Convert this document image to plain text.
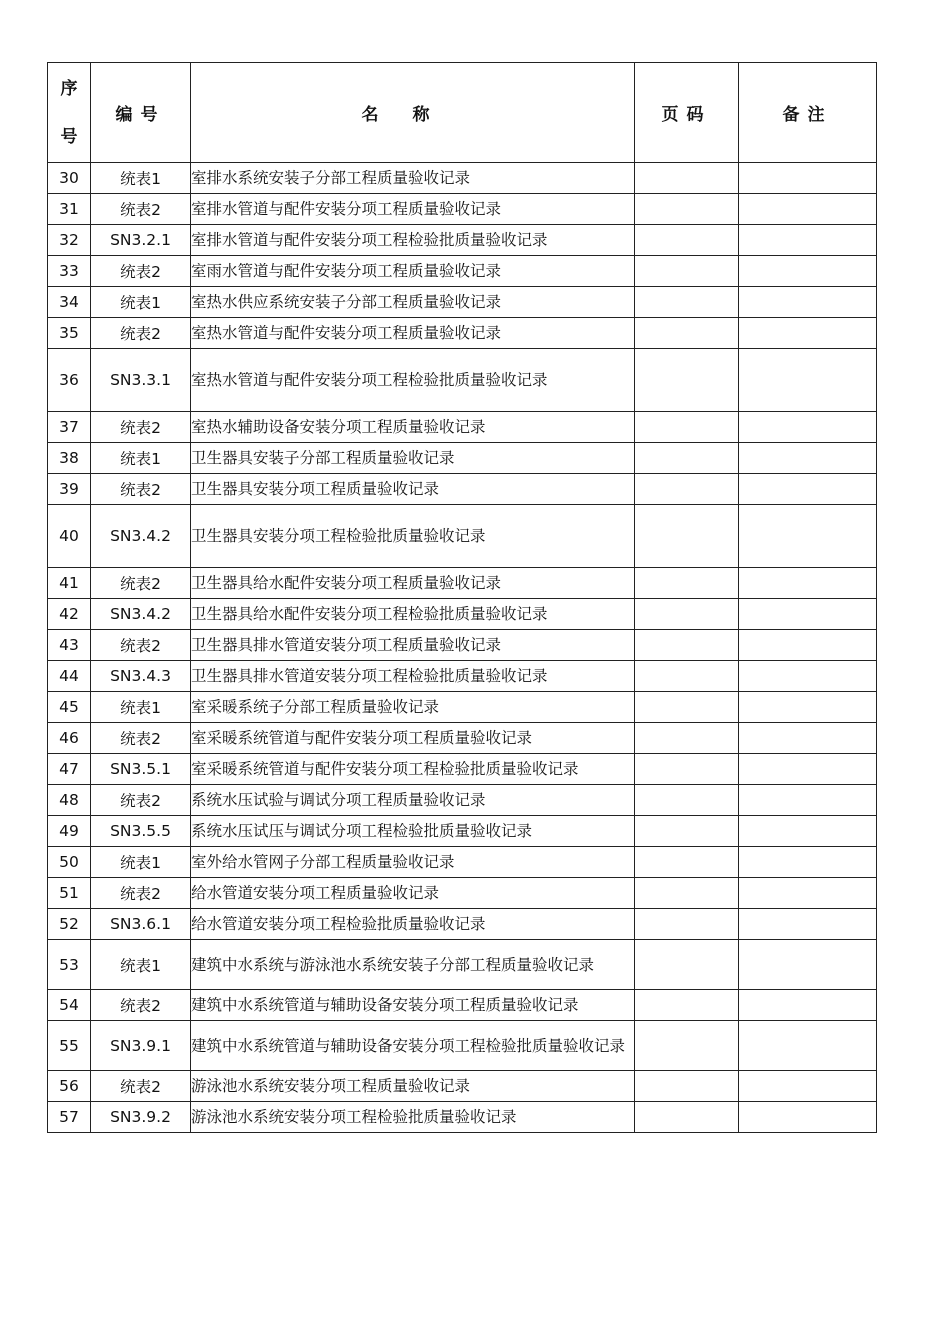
序
号	编号	名称	页码	备注
30	统表1	室排水系统安装子分部工程质量验收记录		
31	统表2	室排水管道与配件安装分项工程质量验收记录		
32	SN3.2.1	室排水管道与配件安装分项工程检验批质量验收记录		
33	统表2	室雨水管道与配件安装分项工程质量验收记录		
34	统表1	室热水供应系统安装子分部工程质量验收记录		
35	统表2	室热水管道与配件安装分项工程质量验收记录		
36	SN3.3.1	室热水管道与配件安装分项工程检验批质量验收记录		
37	统表2	室热水辅助设备安装分项工程质量验收记录		
38	统表1	卫生器具安装子分部工程质量验收记录		
39	统表2	卫生器具安装分项工程质量验收记录		
40	SN3.4.2	卫生器具安装分项工程检验批质量验收记录		
41	统表2	卫生器具给水配件安装分项工程质量验收记录		
42	SN3.4.2	卫生器具给水配件安装分项工程检验批质量验收记录		
43	统表2	卫生器具排水管道安装分项工程质量验收记录		
44	SN3.4.3	卫生器具排水管道安装分项工程检验批质量验收记录		
45	统表1	室采暖系统子分部工程质量验收记录		
46	统表2	室采暖系统管道与配件安装分项工程质量验收记录		
47	SN3.5.1	室采暖系统管道与配件安装分项工程检验批质量验收记录		
48	统表2	系统水压试验与调试分项工程质量验收记录		
49	SN3.5.5	系统水压试压与调试分项工程检验批质量验收记录		
50	统表1	室外给水管网子分部工程质量验收记录		
51	统表2	给水管道安装分项工程质量验收记录		
52	SN3.6.1	给水管道安装分项工程检验批质量验收记录		
53	统表1	建筑中水系统与游泳池水系统安装子分部工程质量验收记录		
54	统表2	建筑中水系统管道与辅助设备安装分项工程质量验收记录		
55	SN3.9.1	建筑中水系统管道与辅助设备安装分项工程检验批质量验收记录		
56	统表2	游泳池水系统安装分项工程质量验收记录		
57	SN3.9.2	游泳池水系统安装分项工程检验批质量验收记录		
